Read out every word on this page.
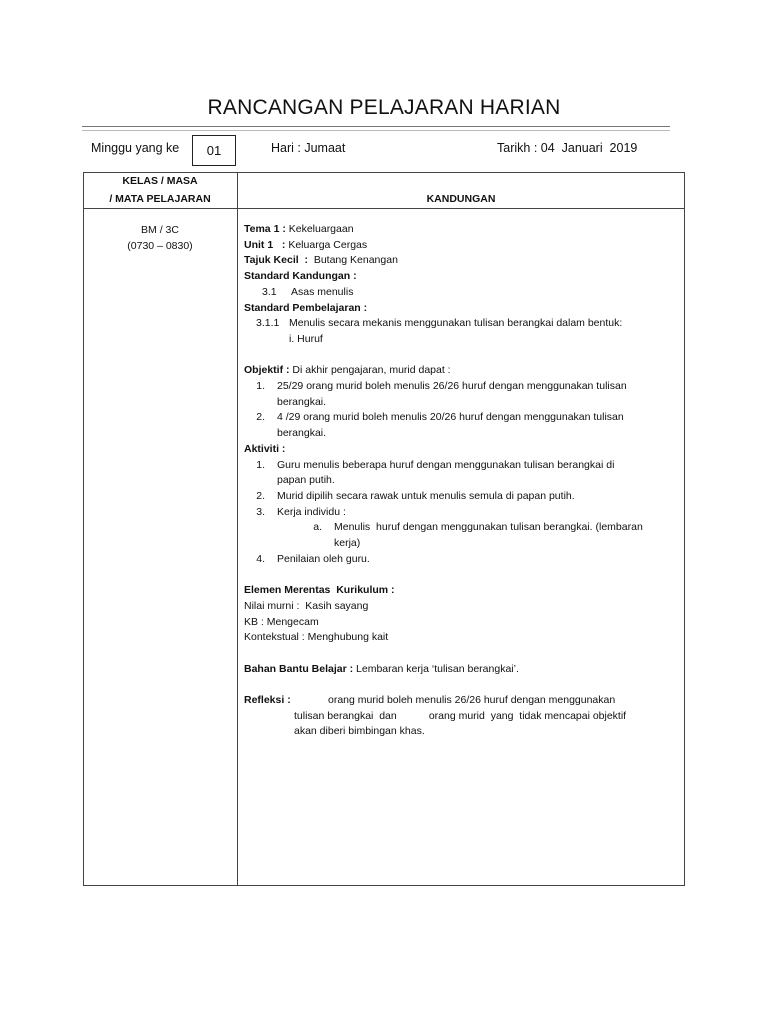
RANCANGAN PELAJARAN HARIAN
Minggu yang ke	01	Hari : Jumaat	Tarikh : 04  Januari  2019
KELAS / MASA
/ MATA PELAJARAN	KANDUNGAN
BM / 3C
(0730 – 0830)

Tema 1 : Kekeluargaan

Unit 1   : Keluarga Cergas

Tajuk Kecil  :  Butang Kenangan

Standard Kandungan :

3.1 Asas menulis

Standard Pembelajaran :

3.1.1 Menulis secara mekanis menggunakan tulisan berangkai dalam bentuk:

i. Huruf

Objektif : Di akhir pengajaran, murid dapat :

1.	25/29 orang murid boleh menulis 26/26 huruf dengan menggunakan tulisan
berangkai.
2.	4 /29 orang murid boleh menulis 20/26 huruf dengan menggunakan tulisan
berangkai.

Aktiviti :

1.	Guru menulis beberapa huruf dengan menggunakan tulisan berangkai di
papan putih.
2.	Murid dipilih secara rawak untuk menulis semula di papan putih.
3.	Kerja individu :
a.	Menulis  huruf dengan menggunakan tulisan berangkai. (lembaran
kerja)
4.	Penilaian oleh guru.

Elemen Merentas  Kurikulum :

Nilai murni :  Kasih sayang

KB : Mengecam

Kontekstual : Menghubung kait

Bahan Bantu Belajar : Lembaran kerja ‘tulisan berangkai’.

Refleksi :	orang murid boleh menulis 26/26 huruf dengan menggunakan

tulisan berangkai  dan           orang murid  yang  tidak mencapai objektif

akan diberi bimbingan khas.
